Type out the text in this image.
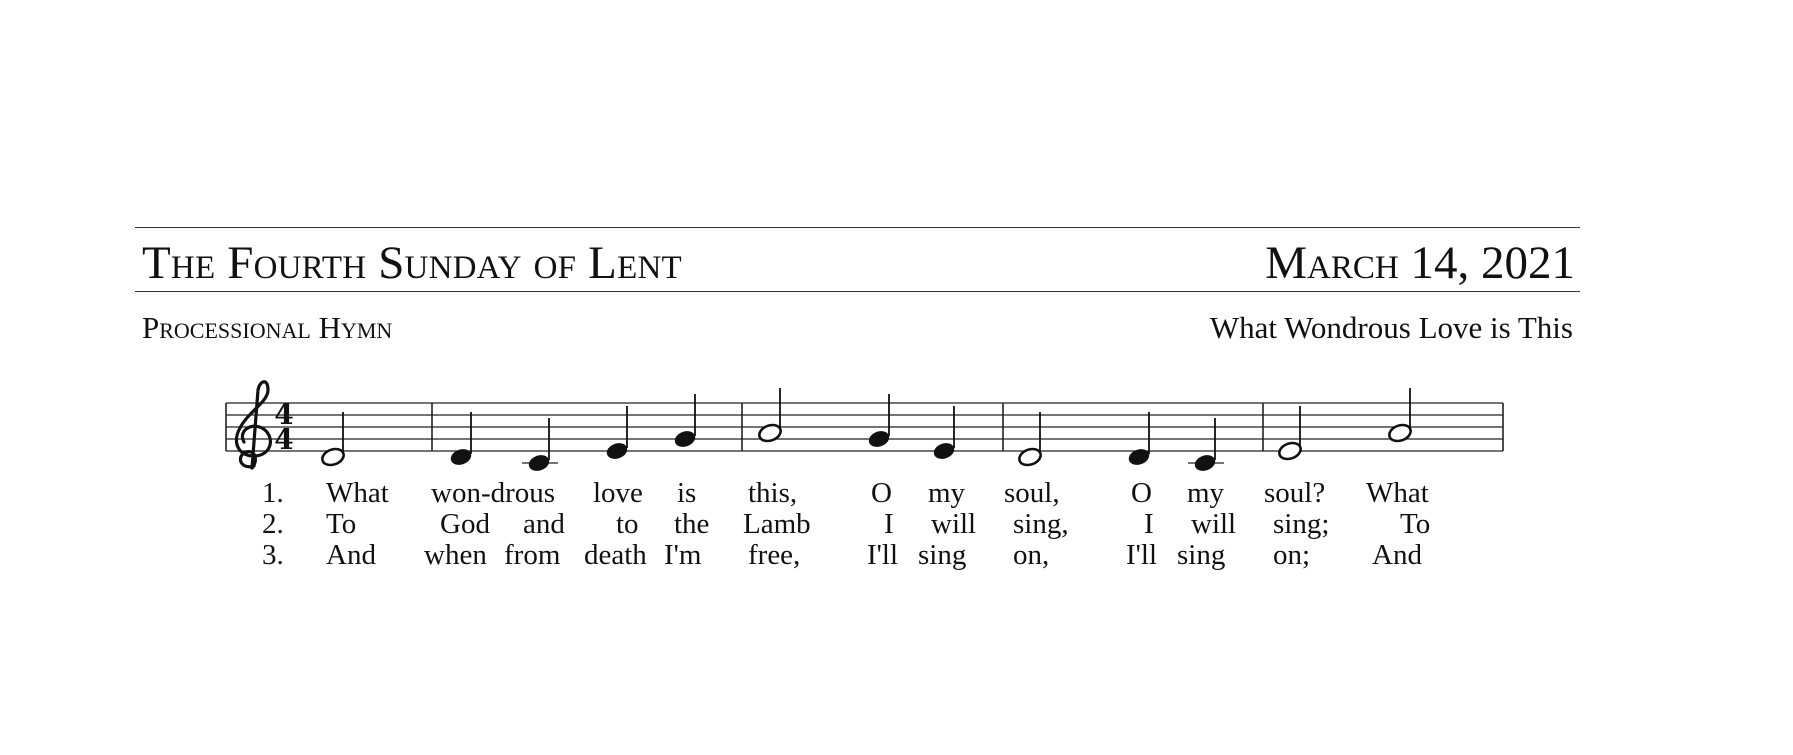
The Fourth Sunday of Lent	March 14, 2021
Processional Hymn	What Wondrous Love is This
4
4
1. What won-drous love is this,	O my soul, O my soul? What
2. To	God and to the Lamb	I will sing,	I will sing; To
3. And when from death I'm free, I'll sing on,	I'll sing on; And
